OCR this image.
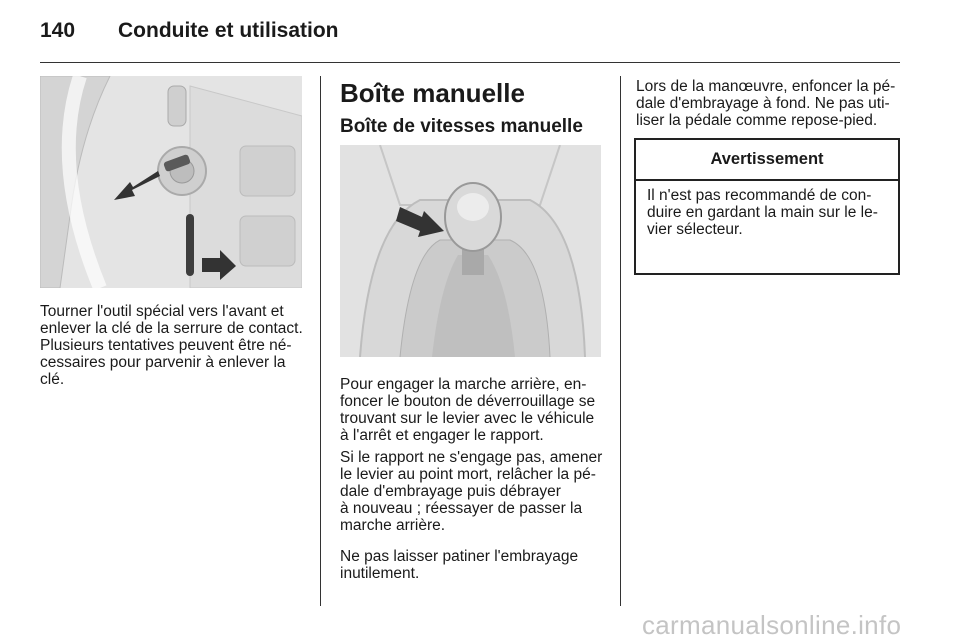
140 Conduite et utilisation
Tourner l'outil spécial vers l'avant et
enlever la clé de la serrure de contact.
Plusieurs tentatives peuvent être né-
cessaires pour parvenir à enlever la
clé.
Boîte manuelle
Boîte de vitesses manuelle
Pour engager la marche arrière, en-
foncer le bouton de déverrouillage se
trouvant sur le levier avec le véhicule
à l'arrêt et engager le rapport.
Si le rapport ne s'engage pas, amener
le levier au point mort, relâcher la pé-
dale d'embrayage puis débrayer
à nouveau ; réessayer de passer la
marche arrière.
Ne pas laisser patiner l'embrayage
inutilement.
Lors de la manœuvre, enfoncer la pé-
dale d'embrayage à fond. Ne pas uti-
liser la pédale comme repose-pied.
Avertissement
Il n'est pas recommandé de con-
duire en gardant la main sur le le-
vier sélecteur.
carmanualsonline.info
